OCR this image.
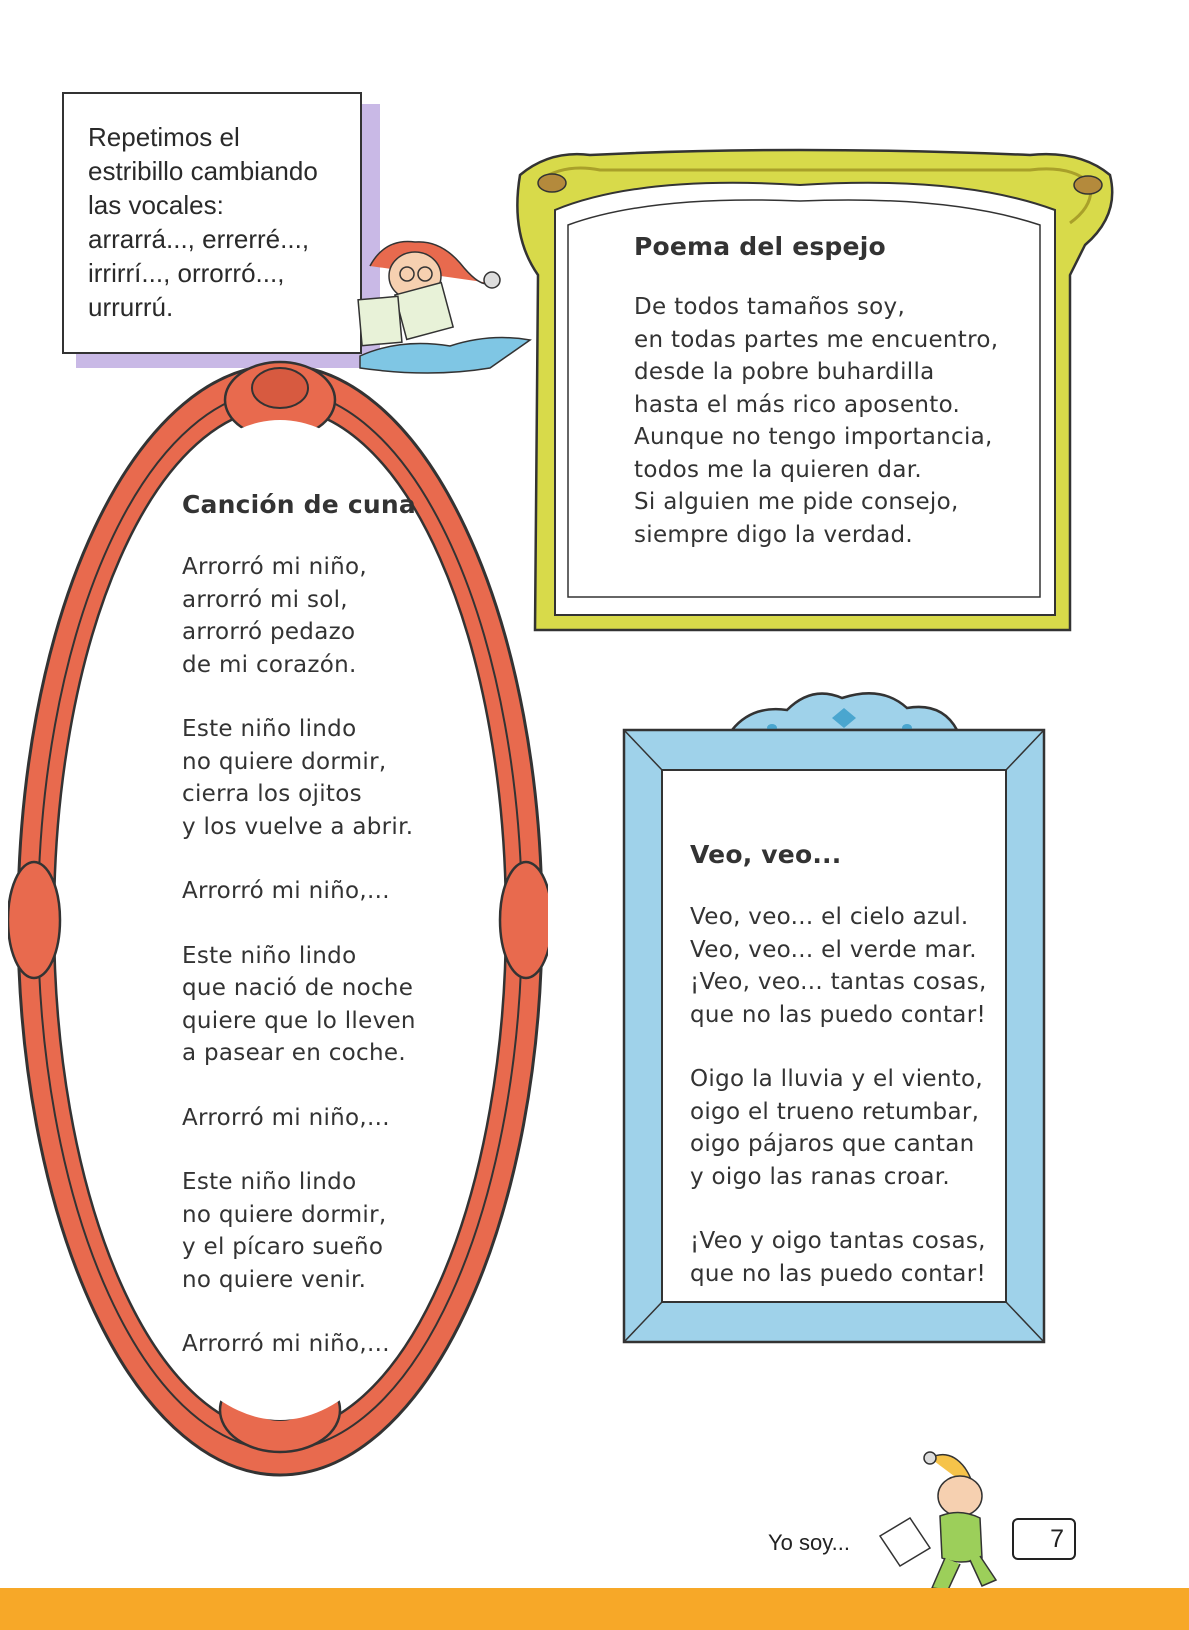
Repetimos el
estribillo cambiando
las vocales:
arrarrá..., errerré...,
irrirrí..., orrorró...,
urrurrú.
Poema del espejo
De todos tamaños soy,
en todas partes me encuentro,
desde la pobre buhardilla
hasta el más rico aposento.
Aunque no tengo importancia,
todos me la quieren dar.
Si alguien me pide consejo,
siempre digo la verdad.
Canción de cuna
Arrorró mi niño,
arrorró mi sol,
arrorró pedazo
de mi corazón.
Este niño lindo
no quiere dormir,
cierra los ojitos
y los vuelve a abrir.
Arrorró mi niño,...
Este niño lindo
que nació de noche
quiere que lo lleven
a pasear en coche.
Arrorró mi niño,...
Este niño lindo
no quiere dormir,
y el pícaro sueño
no quiere venir.
Arrorró mi niño,...
Veo, veo...
Veo, veo... el cielo azul.
Veo, veo... el verde mar.
¡Veo, veo... tantas cosas,
que no las puedo contar!
Oigo la lluvia y el viento,
oigo el trueno retumbar,
oigo pájaros que cantan
y oigo las ranas croar.
¡Veo y oigo tantas cosas,
que no las puedo contar!
Yo soy...	7
